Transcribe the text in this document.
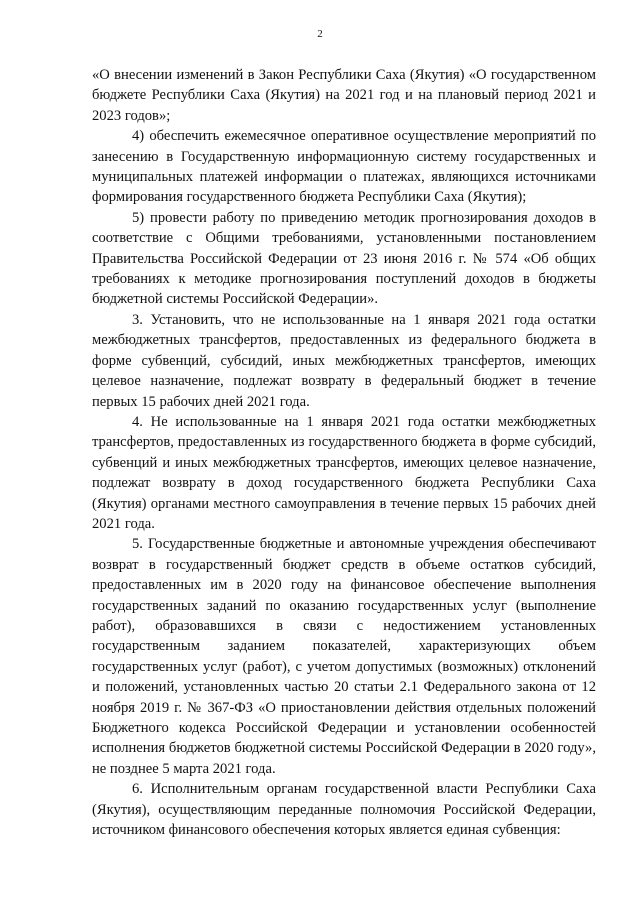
2

«О внесении изменений в Закон Республики Саха (Якутия) «О государственном бюджете Республики Саха (Якутия) на 2021 год и на плановый период 2021 и 2023 годов»;

4) обеспечить ежемесячное оперативное осуществление мероприятий по занесению в Государственную информационную систему государственных и муниципальных платежей информации о платежах, являющихся источниками формирования государственного бюджета Республики Саха (Якутия);

5) провести работу по приведению методик прогнозирования доходов в соответствие с Общими требованиями, установленными постановлением Правительства Российской Федерации от 23 июня 2016 г. № 574 «Об общих требованиях к методике прогнозирования поступлений доходов в бюджеты бюджетной системы Российской Федерации».

3. Установить, что не использованные на 1 января 2021 года остатки межбюджетных трансфертов, предоставленных из федерального бюджета в форме субвенций, субсидий, иных межбюджетных трансфертов, имеющих целевое назначение, подлежат возврату в федеральный бюджет в течение первых 15 рабочих дней 2021 года.

4. Не использованные на 1 января 2021 года остатки межбюджетных трансфертов, предоставленных из государственного бюджета в форме субсидий, субвенций и иных межбюджетных трансфертов, имеющих целевое назначение, подлежат возврату в доход государственного бюджета Республики Саха (Якутия) органами местного самоуправления в течение первых 15 рабочих дней 2021 года.

5. Государственные бюджетные и автономные учреждения обеспечивают возврат в государственный бюджет средств в объеме остатков субсидий, предоставленных им в 2020 году на финансовое обеспечение выполнения государственных заданий по оказанию государственных услуг (выполнение работ), образовавшихся в связи с недостижением установленных государственным заданием показателей, характеризующих объем государственных услуг (работ), с учетом допустимых (возможных) отклонений и положений, установленных частью 20 статьи 2.1 Федерального закона от 12 ноября 2019 г. № 367-ФЗ «О приостановлении действия отдельных положений Бюджетного кодекса Российской Федерации и установлении особенностей исполнения бюджетов бюджетной системы Российской Федерации в 2020 году», не позднее 5 марта 2021 года.

6. Исполнительным органам государственной власти Республики Саха (Якутия), осуществляющим переданные полномочия Российской Федерации, источником финансового обеспечения которых является единая субвенция:
